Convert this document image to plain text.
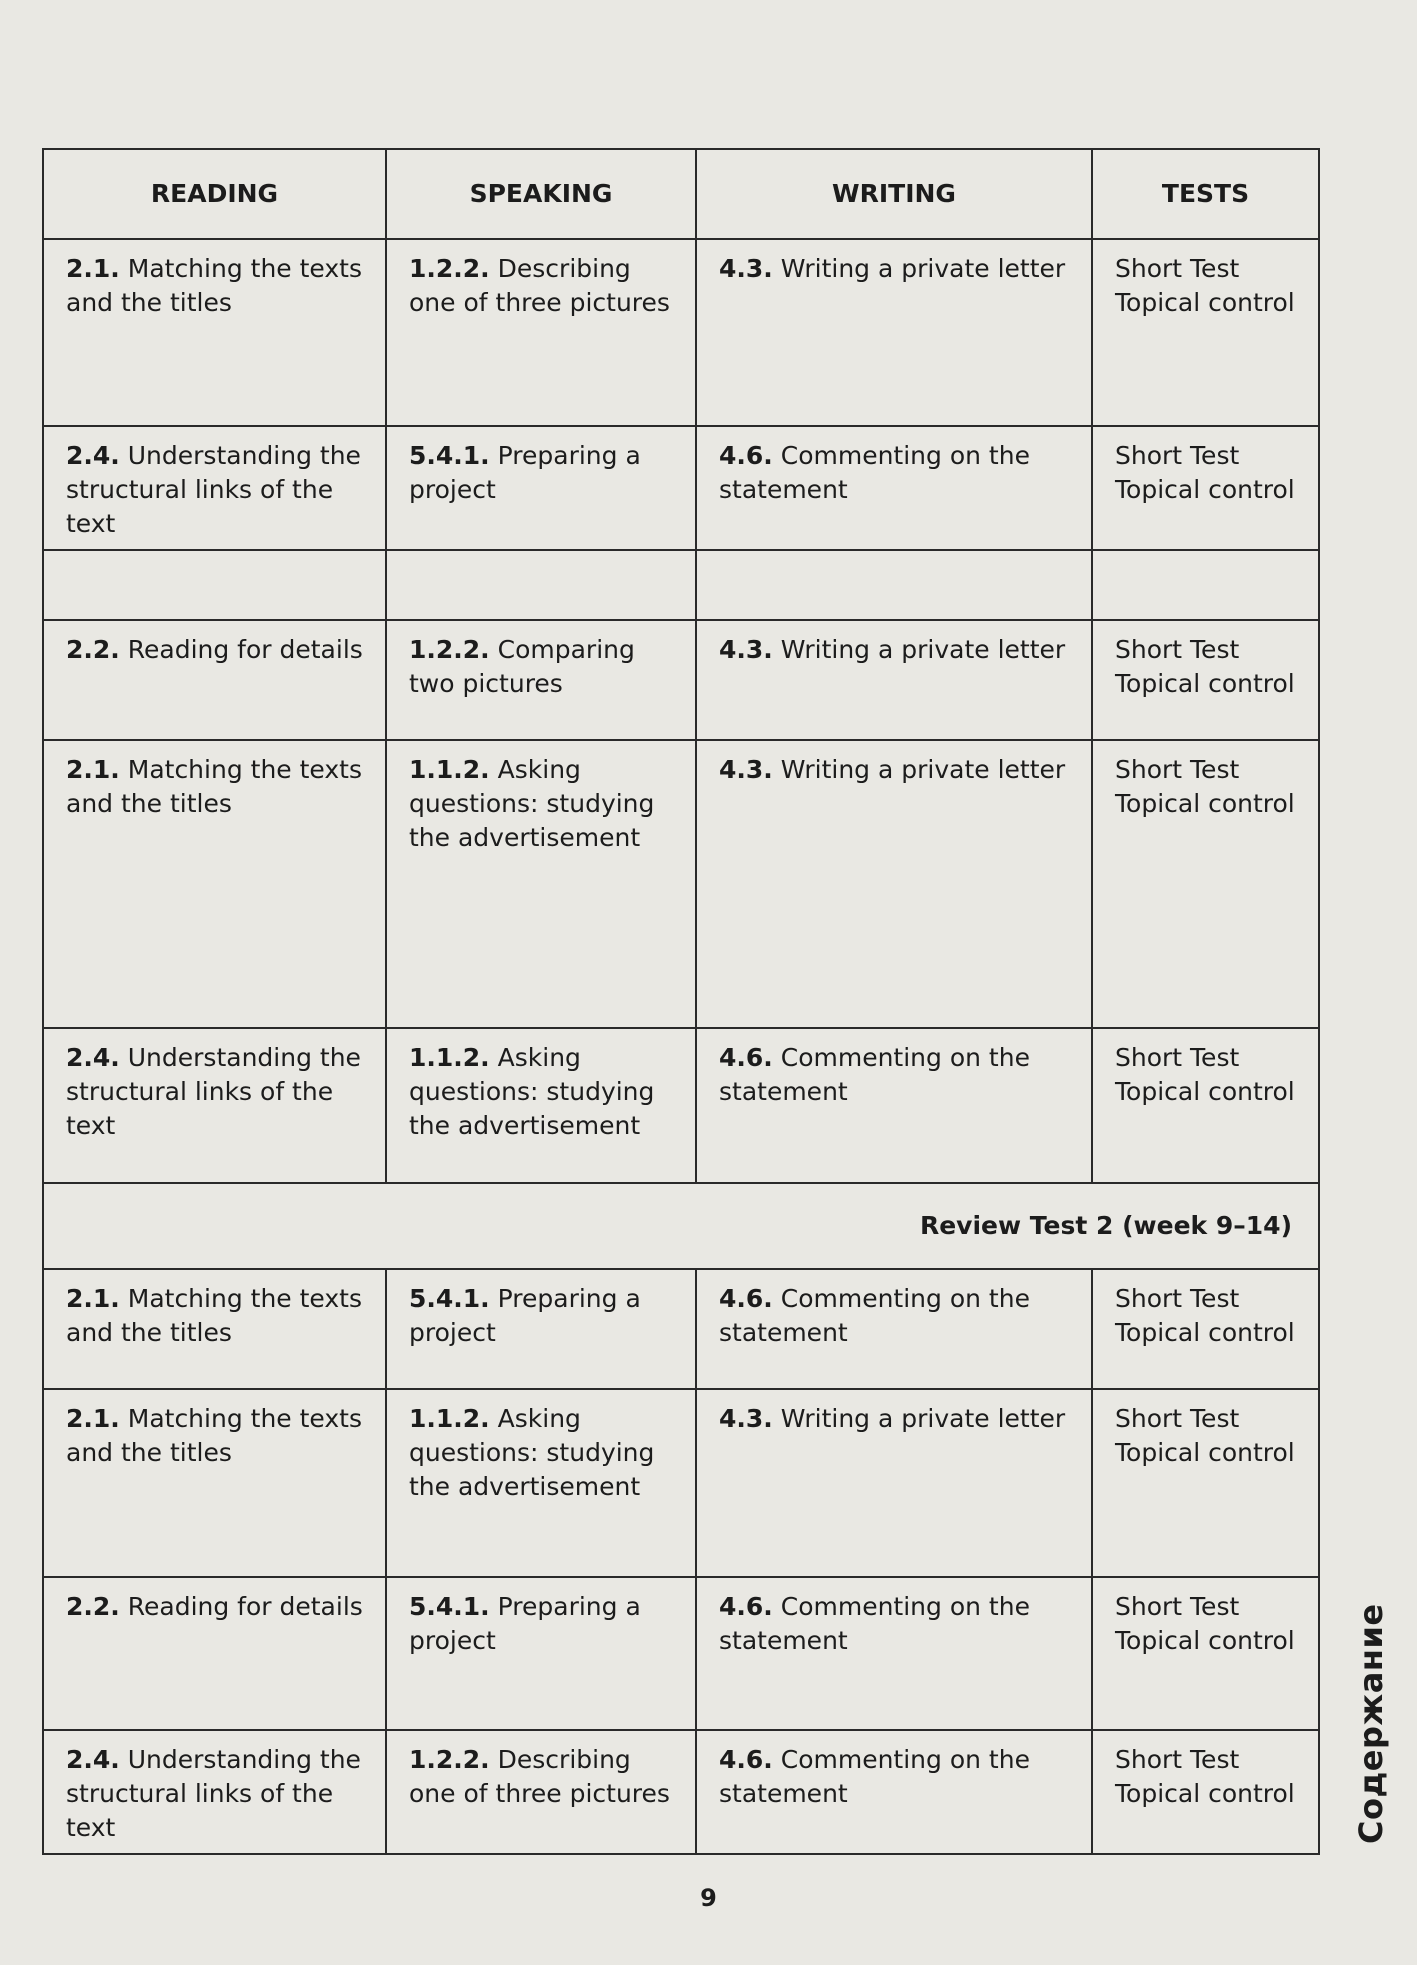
READING	SPEAKING	WRITING	TESTS
2.1. Matching the texts and the titles	1.2.2. Describing one of three pictures	4.3. Writing a private letter	Short Test
Topical control

2.4. Understanding the structural links of the text	5.4.1. Preparing a project	4.6. Commenting on the statement	Short Test
Topical control

2.2. Reading for details	1.2.2. Comparing two pictures	4.3. Writing a private letter	Short Test
Topical control

2.1. Matching the texts and the titles	1.1.2. Asking questions: studying the advertisement	4.3. Writing a private letter	Short Test
Topical control

2.4. Understanding the structural links of the text	1.1.2. Asking questions: studying the advertisement	4.6. Commenting on the statement	Short Test
Topical control

Review Test 2 (week 9–14)			
2.1. Matching the texts and the titles	5.4.1. Preparing a project	4.6. Commenting on the statement	Short Test
Topical control

2.1. Matching the texts and the titles	1.1.2. Asking questions: studying the advertisement	4.3. Writing a private letter	Short Test
Topical control

2.2. Reading for details	5.4.1. Preparing a project	4.6. Commenting on the statement	Short Test
Topical control

2.4. Understanding the structural links of the text	1.2.2. Describing one of three pictures	4.6. Commenting on the statement	Short Test
Topical control
9
Содержание
